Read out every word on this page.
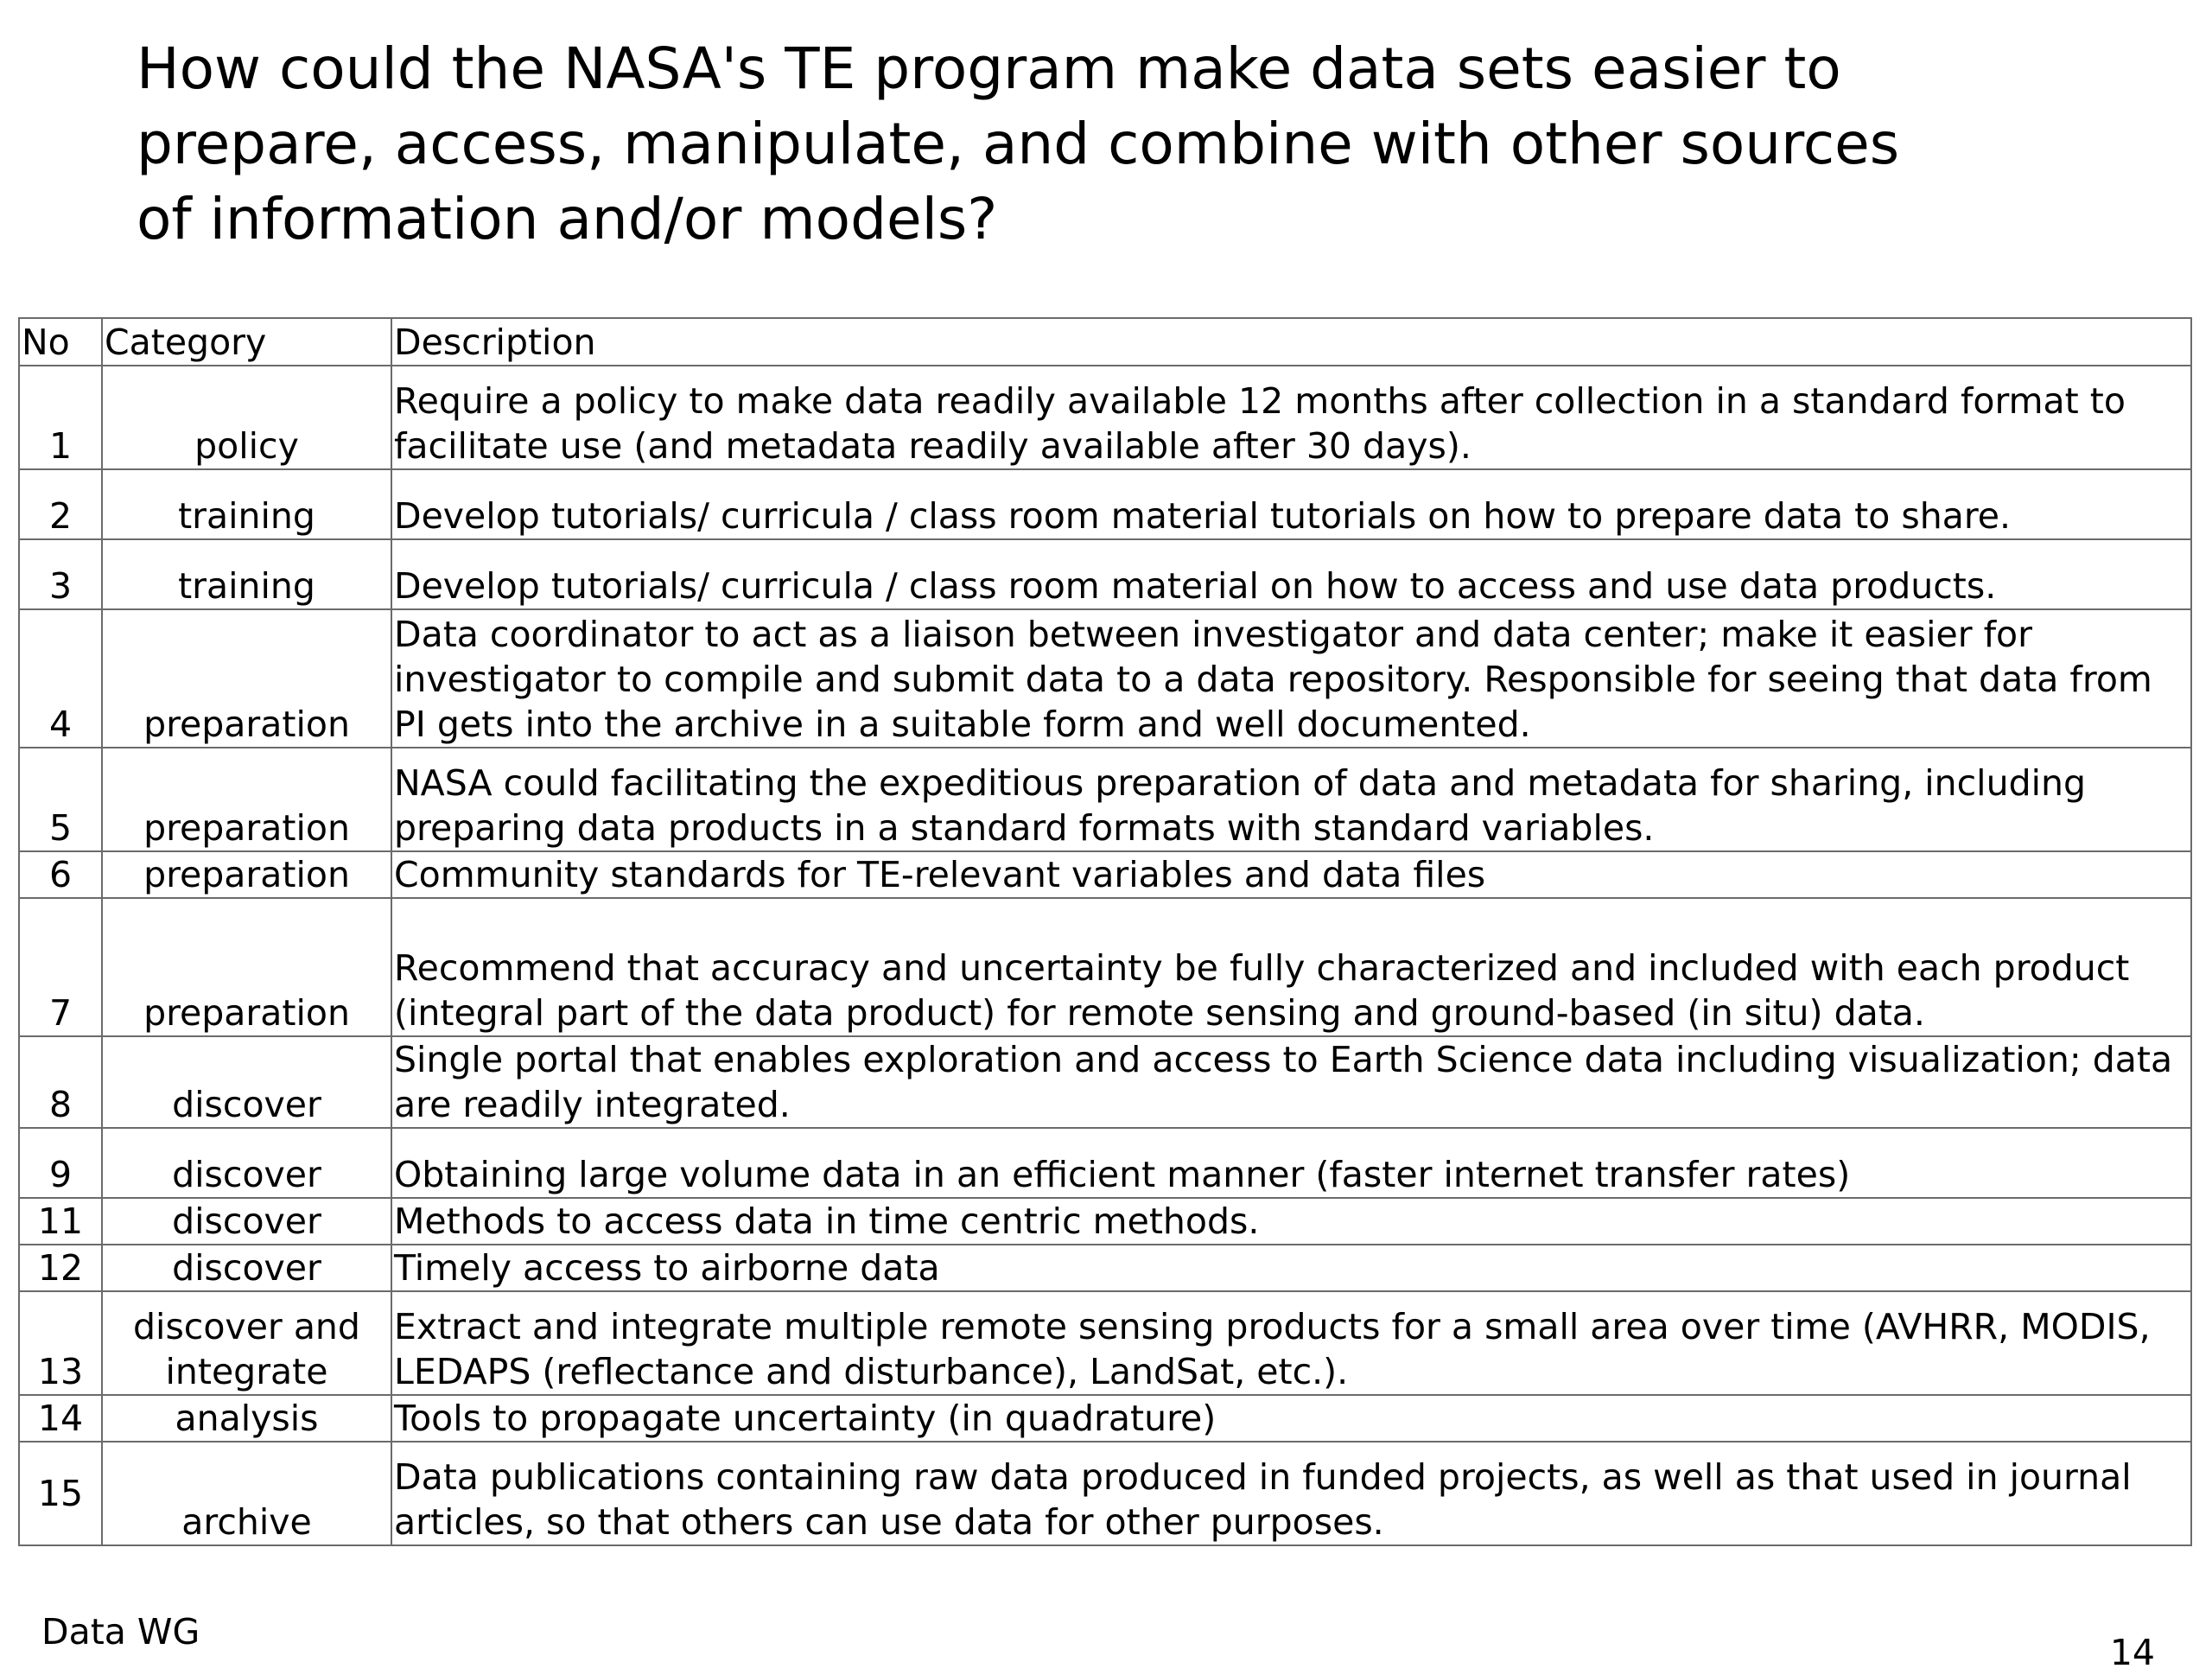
How could the NASA's TE program make data sets easier to
prepare, access, manipulate, and combine with other sources
of information and/or models?
No	Category	Description
1	policy	Require a policy to make data readily available 12 months after collection in a standard format to facilitate use (and metadata readily available after 30 days).
2	training	Develop tutorials/ curricula / class room material tutorials on how to prepare data to share.
3	training	Develop tutorials/ curricula / class room material on how to access and use data products.
4	preparation	Data coordinator to act as a liaison between investigator and data center; make it easier for investigator to compile and submit data to a data repository. Responsible for seeing that data from PI gets into the archive in a suitable form and well documented.
5	preparation	NASA could facilitating the expeditious preparation of data and metadata for sharing, including preparing data products in a standard formats with standard variables.
6	preparation	Community standards for TE-relevant variables and data files
7	preparation	Recommend that accuracy and uncertainty be fully characterized and included with each product (integral part of the data product) for remote sensing and ground-based (in situ) data.
8	discover	Single portal that enables exploration and access to Earth Science data including visualization; data are readily integrated.
9	discover	Obtaining large volume data in an efficient manner (faster internet transfer rates)
11	discover	Methods to access data in time centric methods.
12	discover	Timely access to airborne data
13	discover and integrate	Extract and integrate multiple remote sensing products for a small area over time (AVHRR, MODIS, LEDAPS (reflectance and disturbance), LandSat, etc.).
14	analysis	Tools to propagate uncertainty (in quadrature)
15	archive	Data publications containing raw data produced in funded projects, as well as that used in journal articles, so that others can use data for other purposes.
Data WG	14
